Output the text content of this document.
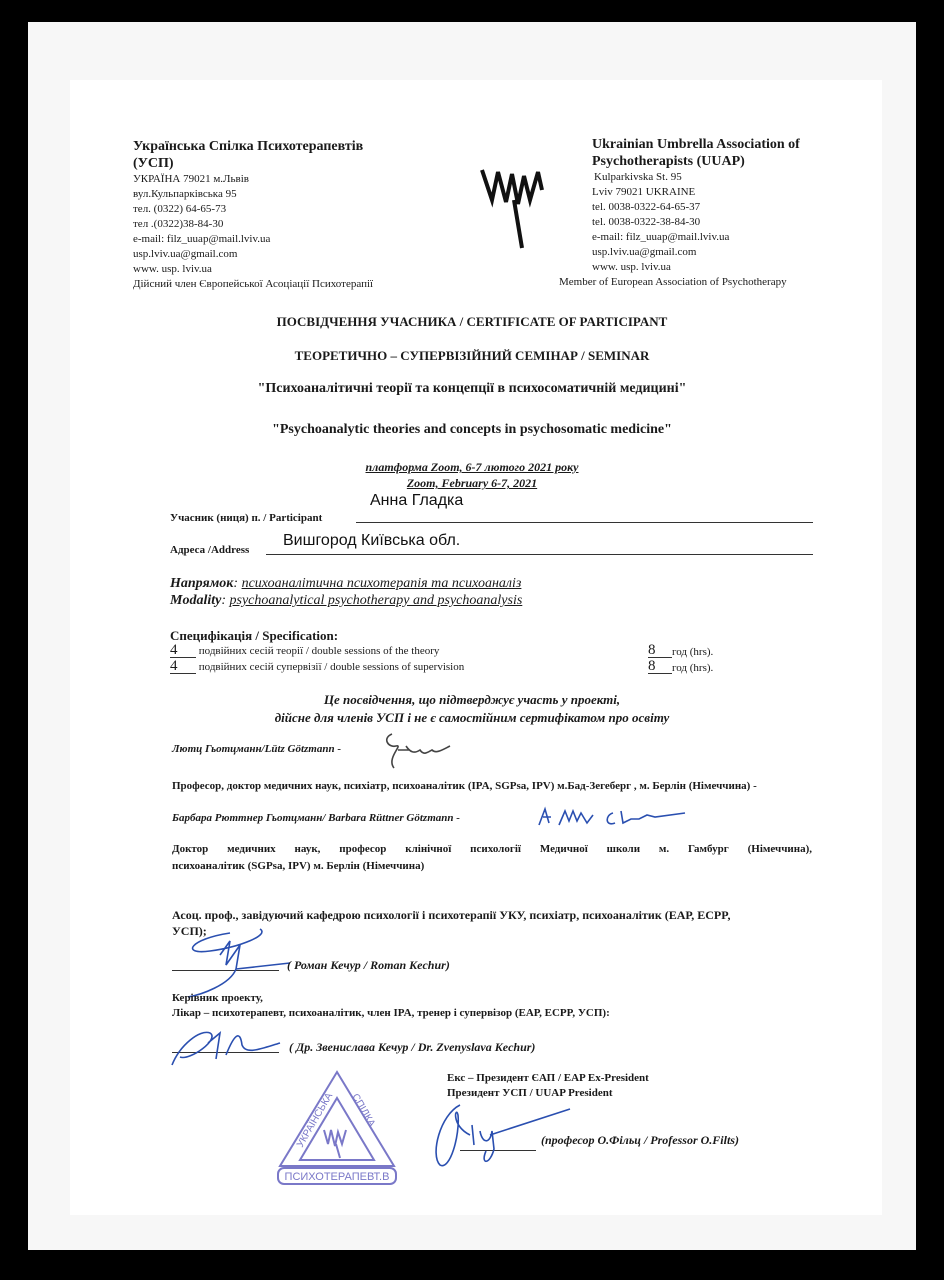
Українська Спілка Психотерапевтів
(УСП)
УКРАЇНА 79021 м.Львів
вул.Кульпарківська 95
тел. (0322) 64-65-73
тел .(0322)38-84-30
e-mail: filz_uuap@mail.lviv.ua
usp.lviv.ua@gmail.com
www. usp. lviv.ua
Дійсний член Європейської Асоціації Психотерапії
Ukrainian Umbrella Association of
Psychotherapists (UUAP)
Kulparkivska St. 95
Lviv 79021 UKRAINE
tel. 0038-0322-64-65-37
tel. 0038-0322-38-84-30
e-mail: filz_uuap@mail.lviv.ua
usp.lviv.ua@gmail.com
www. usp. lviv.ua
Member of European Association of Psychotherapy
ПОСВІДЧЕННЯ УЧАСНИКА / CERTIFICATE OF PARTICIPANT
ТЕОРЕТИЧНО – СУПЕРВІЗІЙНИЙ СЕМІНАР / SEMINAR
"Психоаналітичні теорії та концепції в психосоматичній медицині"
"Psychoanalytic theories and concepts in psychosomatic medicine"
платформа Zoom, 6-7 лютого 2021 року
Zoom, February 6-7, 2021
Учасник (ниця) п. / Participant
Анна Гладка
Адреса /Address
Вишгород Київська обл.
Напрямок: психоаналітична психотерапія та психоаналіз
Modality: psychoanalytical psychotherapy and psychoanalysis
Специфікація / Specification:
4 подвійних сесій теорії / double sessions of the theory	8	год (hrs).
4 подвійних сесій супервізії / double sessions of supervision	8	год (hrs).
Це посвідчення, що підтверджує участь у проекті,
дійсне для членів УСП і не є самостійним сертифікатом про освіту
Лютц Гьотцманн/Lütz Götzmann -
Професор, доктор медичних наук, психіатр, психоаналітик (IPA, SGPsa, IPV) м.Бад-Зегеберг , м. Берлін (Німеччина) -
Барбара Рюттнер Гьотцманн/ Barbara Rüttner Götzmann -
Доктор медичних наук, професор клінічної психології Медичної школи м. Гамбург (Німеччина),
психоаналітик (SGPsa, IPV) м. Берлін (Німеччина)
Асоц. проф., завідуючий кафедрою психології і психотерапії УКУ, психіатр, психоаналітик (ЕАР, ECPP,
УСП);
( Роман Кечур / Roman Kechur)
Керівник проекту,
Лікар – психотерапевт, психоаналітик, член IPA, тренер і супервізор (ЕАР, ECPP, УСП):
( Др. Звенислава Кечур / Dr. Zvenyslava Kechur)
Екс – Президент ЄАП / EAP Ex-President
Президент УСП / UUAP President
(професор О.Фільц / Professor O.Filts)
УКРАЇНСЬКА СПІЛКА
ПСИХОТЕРАПЕВТ.В
